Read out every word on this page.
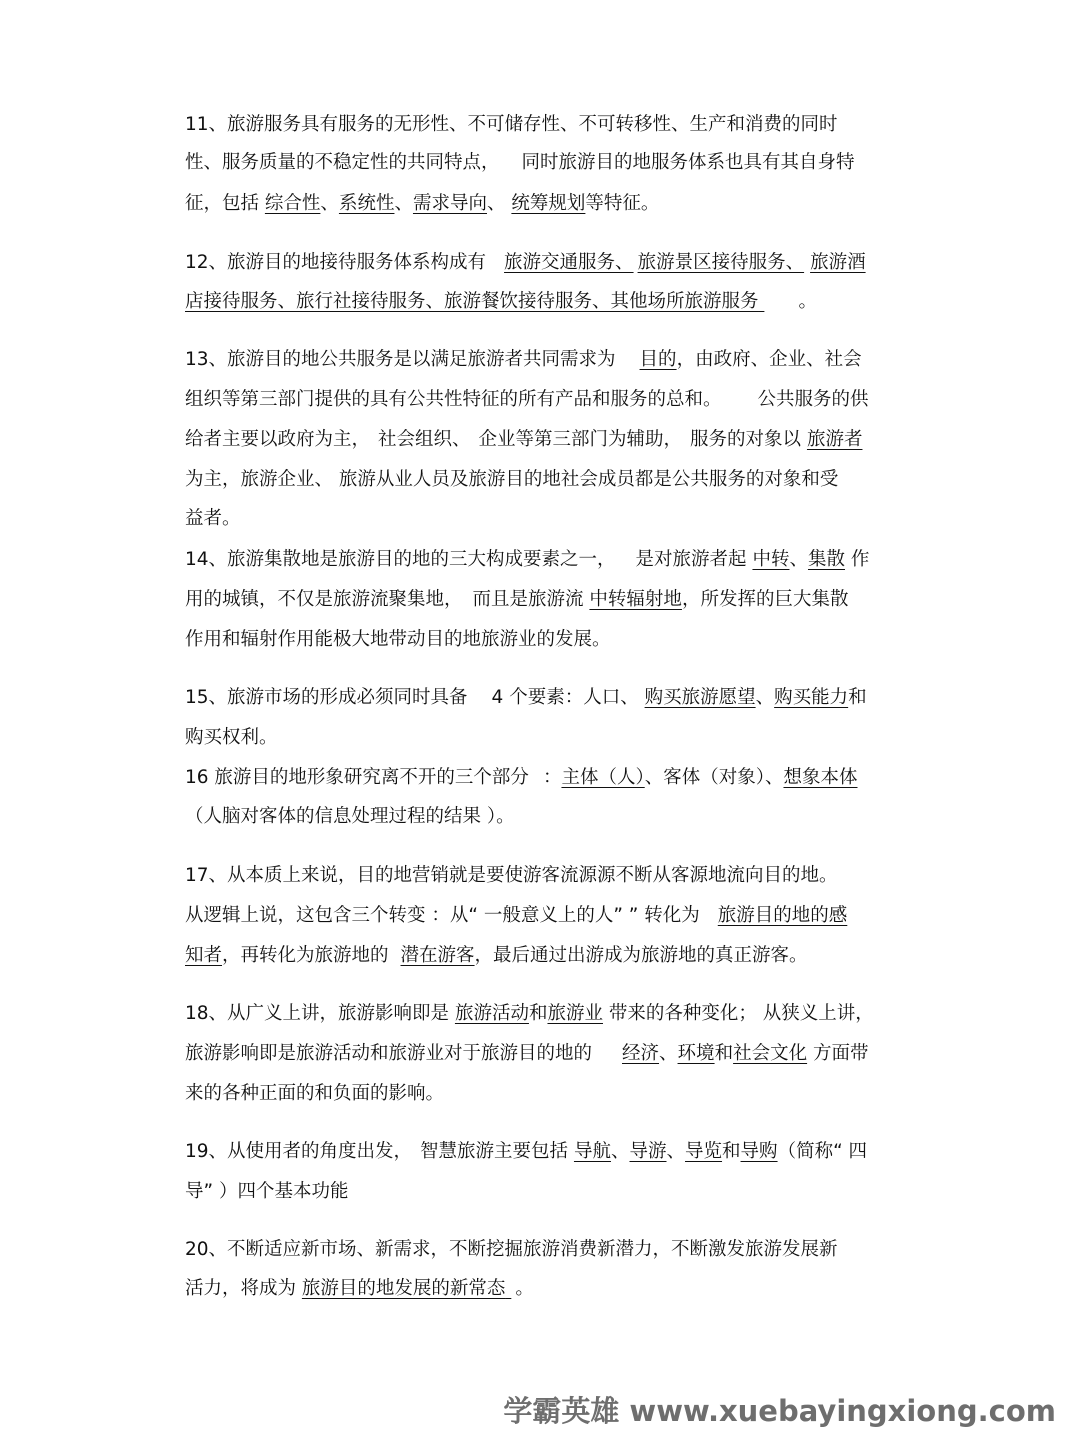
11、旅游服务具有服务的无形性、不可储存性、不可转移性、生产和消费的同时
性、服务质量的不稳定性的共同特点， 同时旅游目的地服务体系也具有其自身特
征，包括 综合性、系统性、需求导向、 统筹规划等特征。
12、旅游目的地接待服务体系构成有 旅游交通服务、 旅游景区接待服务、 旅游酒
店接待服务、旅行社接待服务、旅游餐饮接待服务、其他场所旅游服务 。
13、旅游目的地公共服务是以满足旅游者共同需求为 目的，由政府、企业、社会
组织等第三部门提供的具有公共性特征的所有产品和服务的总和。 公共服务的供
给者主要以政府为主， 社会组织、 企业等第三部门为辅助， 服务的对象以 旅游者
为主，旅游企业、 旅游从业人员及旅游目的地社会成员都是公共服务的对象和受
益者。
14、旅游集散地是旅游目的地的三大构成要素之一， 是对旅游者起 中转、集散 作
用的城镇，不仅是旅游流聚集地， 而且是旅游流 中转辐射地，所发挥的巨大集散
作用和辐射作用能极大地带动目的地旅游业的发展。
15、旅游市场的形成必须同时具备 4 个要素：人口、 购买旅游愿望、购买能力和
购买权利。
16 旅游目的地形象研究离不开的三个部分 ：主体（人）、客体（对象）、想象本体
（人脑对客体的信息处理过程的结果 ）。
17、从本质上来说，目的地营销就是要使游客流源源不断从客源地流向目的地。
从逻辑上说，这包含三个转变 ：从“ 一般意义上的人” ” 转化为 旅游目的地的感
知者，再转化为旅游地的 潜在游客，最后通过出游成为旅游地的真正游客。
18、从广义上讲，旅游影响即是 旅游活动和旅游业 带来的各种变化； 从狭义上讲，
旅游影响即是旅游活动和旅游业对于旅游目的地的 经济、环境和社会文化 方面带
来的各种正面的和负面的影响。
19、从使用者的角度出发， 智慧旅游主要包括 导航、导游、导览和导购（简称“ 四
导” ）四个基本功能
20、不断适应新市场、新需求，不断挖掘旅游消费新潜力，不断激发旅游发展新
活力，将成为 旅游目的地发展的新常态 。
学霸英雄 www.xuebayingxiong.com
